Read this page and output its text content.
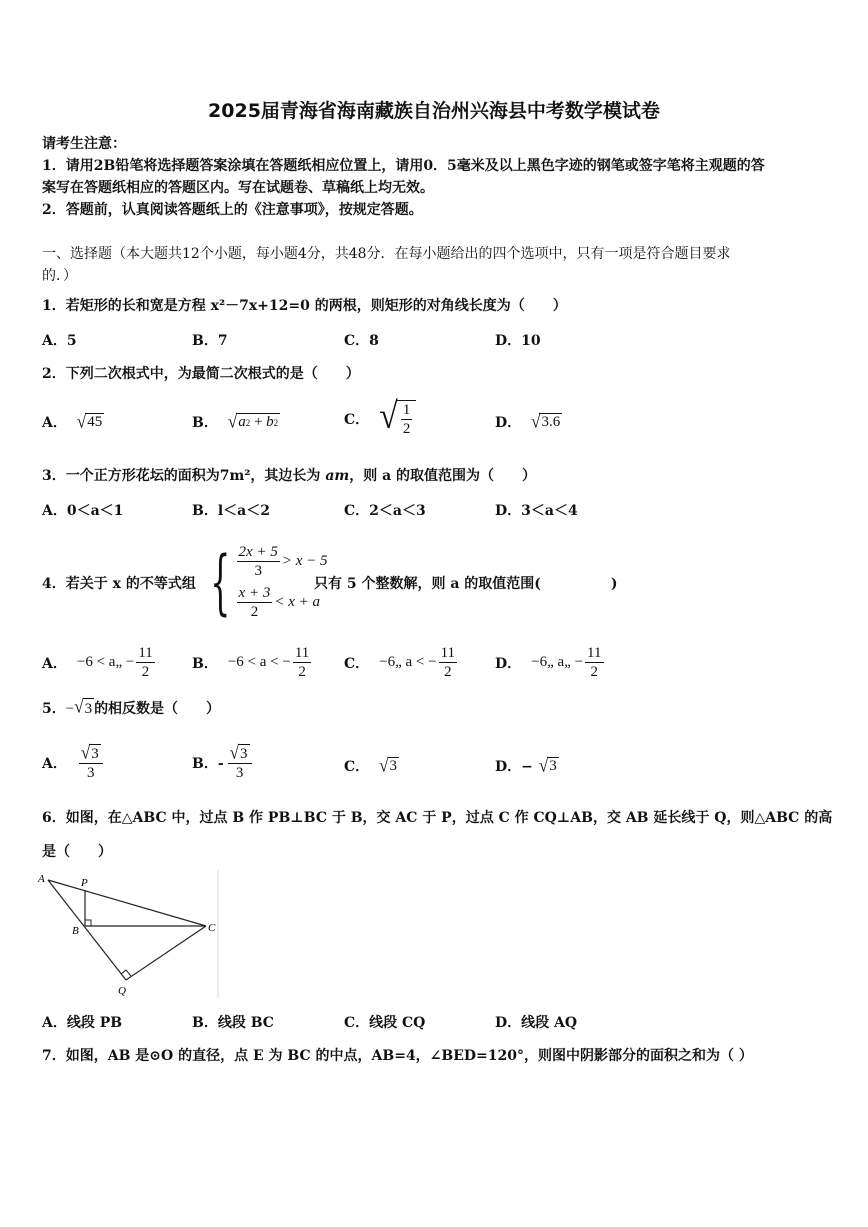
2025届青海省海南藏族自治州兴海县中考数学模试卷
请考生注意：
1．请用2B铅笔将选择题答案涂填在答题纸相应位置上，请用0．5毫米及以上黑色字迹的钢笔或签字笔将主观题的答
案写在答题纸相应的答题区内。写在试题卷、草稿纸上均无效。
2．答题前，认真阅读答题纸上的《注意事项》，按规定答题。
一、选择题（本大题共12个小题，每小题4分，共48分．在每小题给出的四个选项中，只有一项是符合题目要求
的．）
1．若矩形的长和宽是方程 x²－7x+12=0 的两根，则矩形的对角线长度为（　　）
A．5	B．7	C．8	D．10
2．下列二次根式中，为最简二次根式的是（　　）
A． √ 45	B． √ a 2 + b 2	C． √ $\frac{1}{2}$	D． √ 3.6
3．一个正方形花坛的面积为7m²，其边长为 am，则 a 的取值范围为（　　）
A．0＜a＜1	B．l＜a＜2	C．2＜a＜3	D．3＜a＜4
4．若关于 x 的不等式组 { $\frac{2x + 5}{3} > x - 5$
$\frac{x + 3}{2} < x + a$
只有 5 个整数解，则 a 的取值范围(　　　　　)
A． −6 < a„ − $\frac{11}{2}$	B． −6 < a < − $\frac{11}{2}$ C． −6„ a < − $\frac{11}{2}$	D． −6„ a„ − $\frac{11}{2}$
5． − √ 3 的相反数是（　　）
A． $\frac{√ 3}{3}$	B．- $\frac{√ 3}{3}$	C． √ 3	D．− √ 3
6．如图，在△ABC 中，过点 B 作 PB⊥BC 于 B，交 AC 于 P，过点 C 作 CQ⊥AB，交 AB 延长线于 Q，则△ABC 的高
是（　　）
A	P
B	C
Q
A．线段 PB	B．线段 BC	C．线段 CQ	D．线段 AQ
7．如图，AB 是⊙O 的直径，点 E 为 BC 的中点，AB=4，∠BED=120°，则图中阴影部分的面积之和为（ ）
